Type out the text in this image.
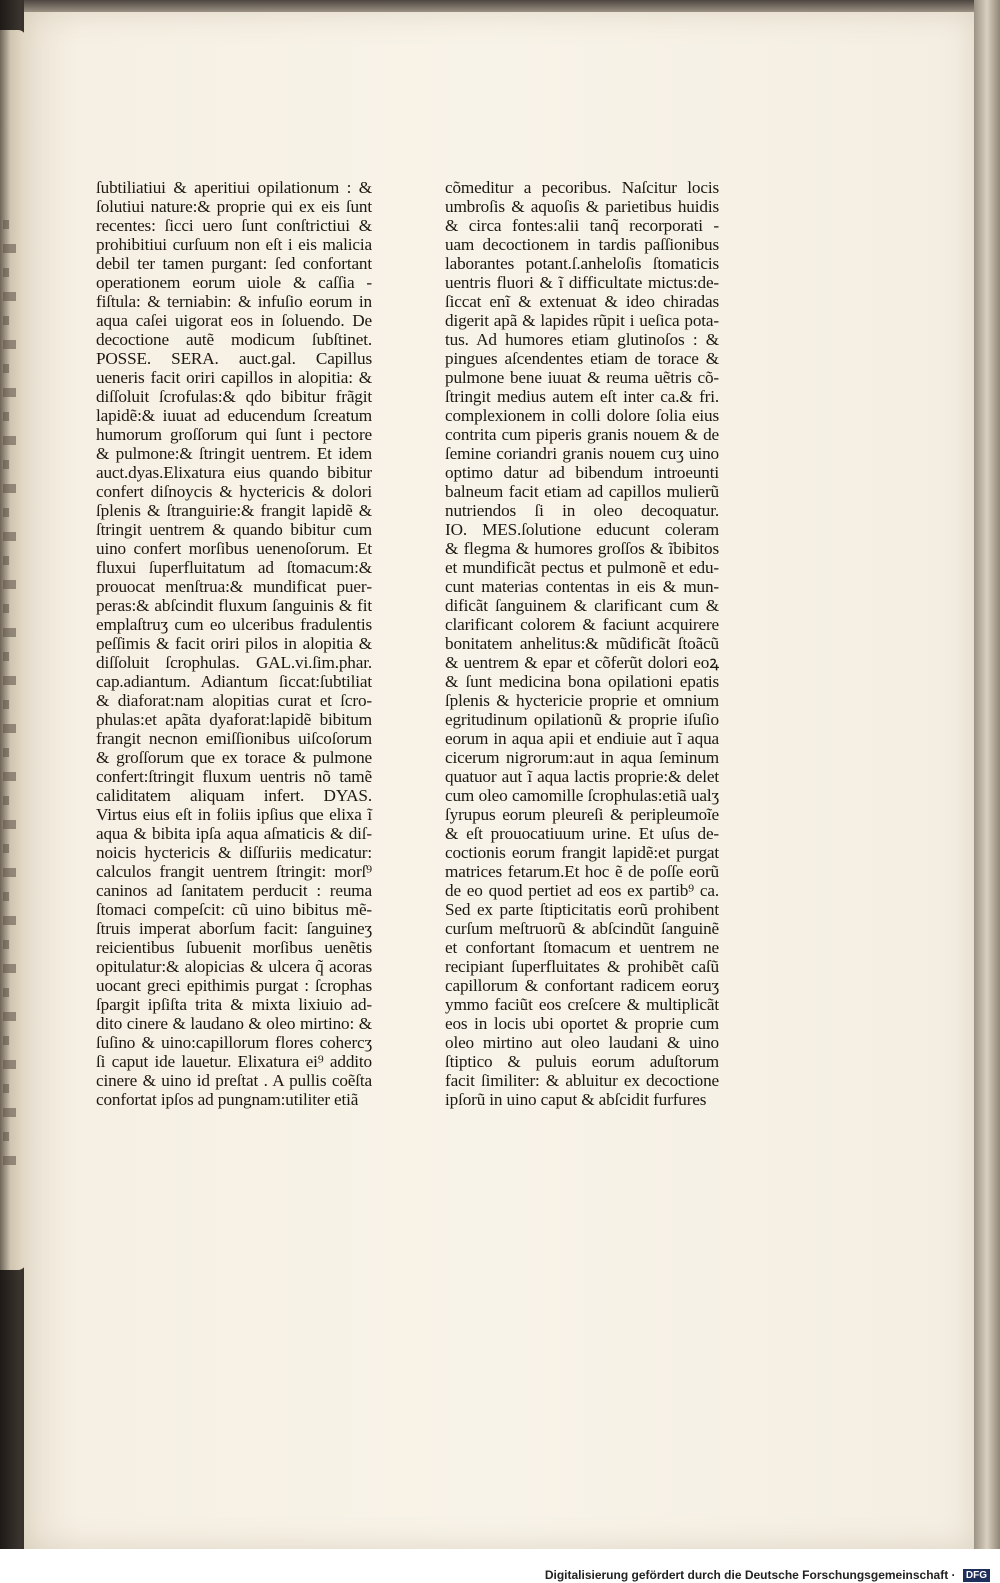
ſubtiliatiui & aperitiui opilationum : &
ſolutiui nature:& proprie qui ex eis ſunt
recentes: ſicci uero ſunt conſtrictiui &
prohibitiui curſuum non eſt i eis malicia
debil ter tamen purgant: ſed confortant
operationem eorum uiole & caſſia ‑
fiſtula: & terniabin: & infuſio eorum in
aqua caſei uigorat eos in ſoluendo. De
decoctione autẽ modicum ſubſtinet.
POSSE. SERA. auct.gal. Capillus
ueneris facit oriri capillos in alopitia: &
diſſoluit ſcrofulas:& qdo bibitur frãgit
lapidẽ:& iuuat ad educendum ſcreatum
humorum groſſorum qui ſunt i pectore
& pulmone:& ſtringit uentrem. Et idem
auct.dyas.Elixatura eius quando bibitur
confert diſnoycis & hyctericis & dolori
ſplenis & ſtranguirie:& frangit lapidẽ &
ſtringit uentrem & quando bibitur cum
uino confert morſibus uenenoſorum. Et
fluxui ſuperfluitatum ad ſtomacum:&
prouocat menſtrua:& mundificat puer‑
peras:& abſcindit fluxum ſanguinis & fit
emplaſtruʒ cum eo ulceribus fradulentis
peſſimis & facit oriri pilos in alopitia &
diſſoluit ſcrophulas. GAL.vi.ſim.phar.
cap.adiantum. Adiantum ſiccat:ſubtiliat
& diaforat:nam alopitias curat et ſcro‑
phulas:et apãta dyaforat:lapidẽ bibitum
frangit necnon emiſſionibus uiſcoſorum
& groſſorum que ex torace & pulmone
confert:ſtringit fluxum uentris nõ tamẽ
caliditatem aliquam infert. DYAS.
Virtus eius eſt in foliis ipſius que elixa ĩ
aqua & bibita ipſa aqua aſmaticis & diſ‑
noicis hyctericis & diſſuriis medicatur:
calculos frangit uentrem ſtringit: morſ⁹
caninos ad ſanitatem perducit : reuma
ſtomaci compeſcit: cũ uino bibitus mẽ‑
ſtruis imperat aborſum facit: ſanguineʒ
reicientibus ſubuenit morſibus uenẽtis
opitulatur:& alopicias & ulcera q̃ acoras
uocant greci epithimis purgat : ſcrophas
ſpargit ipſiſta trita & mixta lixiuio ad‑
dito cinere & laudano & oleo mirtino: &
ſuſino & uino:capillorum flores cohercʒ
ſi caput ide lauetur. Elixatura ei⁹ addito
cinere & uino id preſtat . A pullis coẽſta
confortat ipſos ad pungnam:utiliter etiã
cõmeditur a pecoribus. Naſcitur locis
umbroſis & aquoſis & parietibus huidis
& circa fontes:alii tanq̃ recorporati ‑
uam decoctionem in tardis paſſionibus
laborantes potant.ſ.anheloſis ſtomaticis
uentris fluori & ĩ difficultate mictus:de‑
ſiccat enĩ & extenuat & ideo chiradas
digerit apã & lapides rũpit i ueſica pota‑
tus. Ad humores etiam glutinoſos : &
pingues aſcendentes etiam de torace &
pulmone bene iuuat & reuma uẽtris cõ‑
ſtringit medius autem eſt inter ca.& fri.
complexionem in colli dolore ſolia eius
contrita cum piperis granis nouem & de
ſemine coriandri granis nouem cuʒ uino
optimo datur ad bibendum introeunti
balneum facit etiam ad capillos mulierũ
nutriendos ſi in oleo decoquatur.
IO. MES.ſolutione educunt coleram
& flegma & humores groſſos & ĩbibitos
et mundificãt pectus et pulmonẽ et edu‑
cunt materias contentas in eis & mun‑
dificãt ſanguinem & clarificant cum &
clarificant colorem & faciunt acquirere
bonitatem anhelitus:& mũdificãt ſtoãcũ
& uentrem & epar et cõferũt dolori eoꝝ
& ſunt medicina bona opilationi epatis
ſplenis & hyctericie proprie et omnium
egritudinum opilationũ & proprie iſuſio
eorum in aqua apii et endiuie aut ĩ aqua
cicerum nigrorum:aut in aqua ſeminum
quatuor aut ĩ aqua lactis proprie:& delet
cum oleo camomille ſcrophulas:etiã ualʒ
ſyrupus eorum pleureſi & peripleumoĩe
& eſt prouocatiuum urine. Et uſus de‑
coctionis eorum frangit lapidẽ:et purgat
matrices fetarum.Et hoc ẽ de poſſe eorũ
de eo quod pertiet ad eos ex partib⁹ ca.
Sed ex parte ſtipticitatis eorũ prohibent
curſum meſtruorũ & abſcindũt ſanguinẽ
et confortant ſtomacum et uentrem ne
recipiant ſuperfluitates & prohibẽt caſũ
capillorum & confortant radicem eoruʒ
ymmo faciũt eos creſcere & multiplicãt
eos in locis ubi oportet & proprie cum
oleo mirtino aut oleo laudani & uino
ſtiptico & puluis eorum aduſtorum
facit ſimiliter: & abluitur ex decoctione
ipſorũ in uino caput & abſcidit furfures
Digitalisierung gefördert durch die Deutsche Forschungsgemeinschaft · DFG
